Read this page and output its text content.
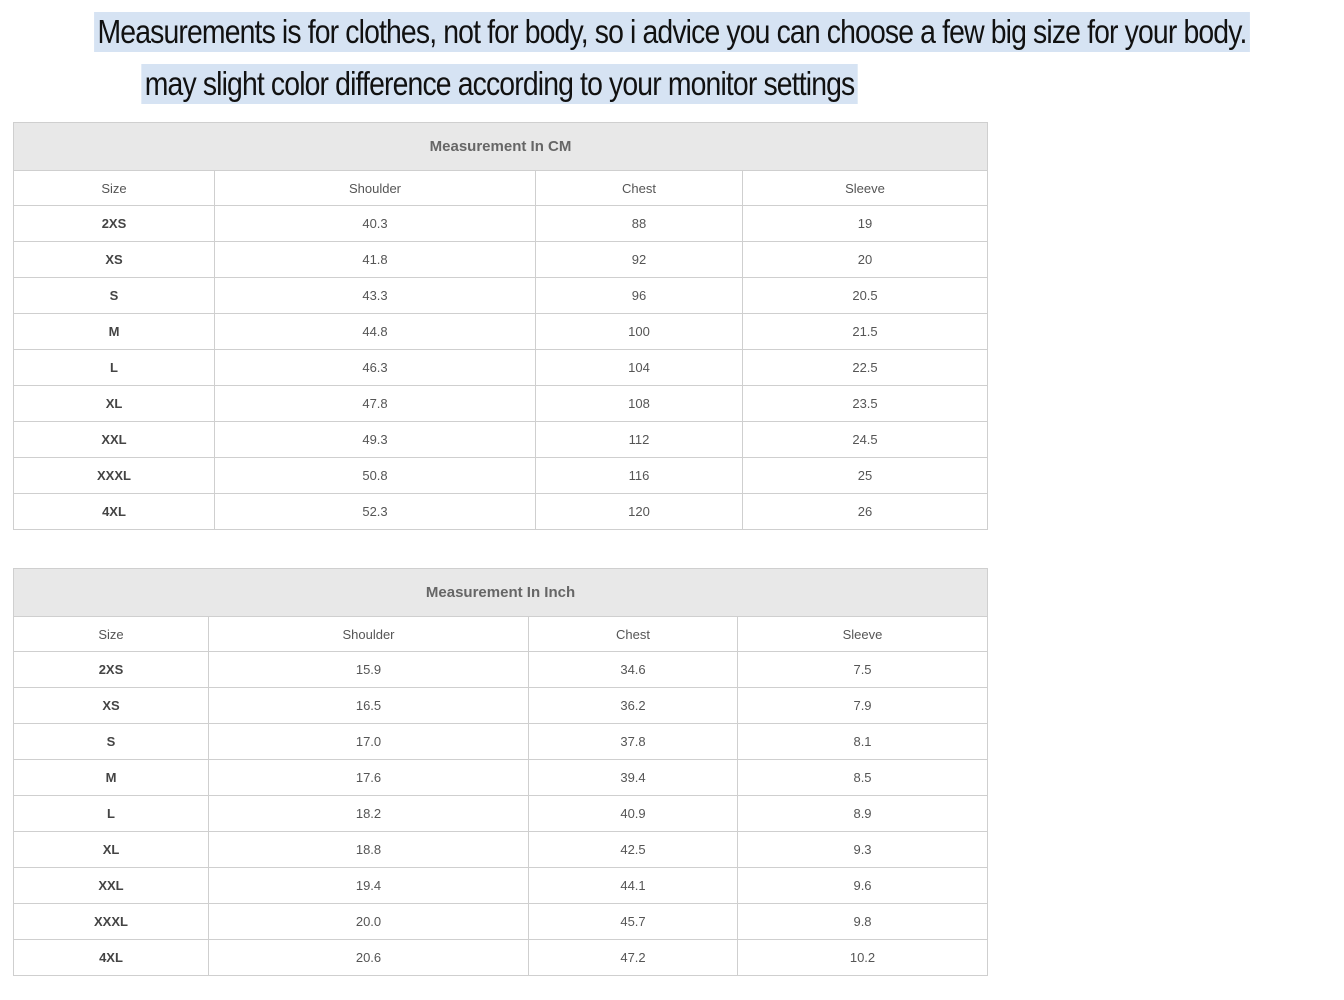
Measurements is for clothes, not for body, so i advice you can choose a few big size for your body.
may slight color difference according to your monitor settings
Measurement In CM			
Size	Shoulder	Chest	Sleeve
2XS	40.3	88	19
XS	41.8	92	20
S	43.3	96	20.5
M	44.8	100	21.5
L	46.3	104	22.5
XL	47.8	108	23.5
XXL	49.3	112	24.5
XXXL	50.8	116	25
4XL	52.3	120	26
Measurement In Inch			
Size	Shoulder	Chest	Sleeve
2XS	15.9	34.6	7.5
XS	16.5	36.2	7.9
S	17.0	37.8	8.1
M	17.6	39.4	8.5
L	18.2	40.9	8.9
XL	18.8	42.5	9.3
XXL	19.4	44.1	9.6
XXXL	20.0	45.7	9.8
4XL	20.6	47.2	10.2
